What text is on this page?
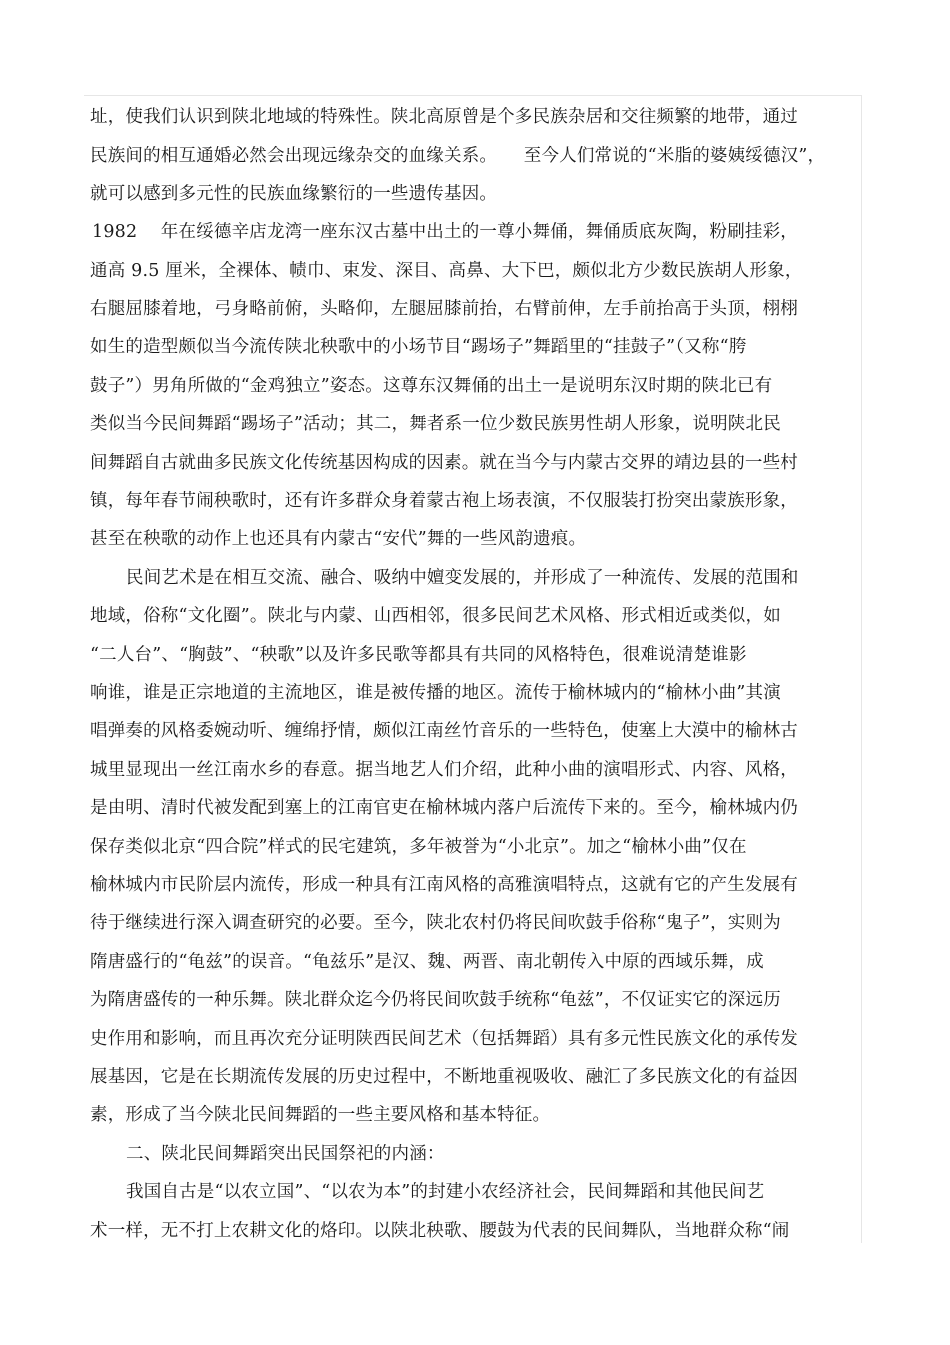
址，使我们认识到陕北地域的特殊性。陕北高原曾是个多民族杂居和交往频繁的地带，通过
民族间的相互通婚必然会出现远缘杂交的血缘关系。　　至今人们常说的“米脂的婆姨绥德汉”，
就可以感到多元性的民族血缘繁衍的一些遗传基因。
1982　 年在绥德辛店龙湾一座东汉古墓中出土的一尊小舞俑，舞俑质底灰陶，粉刷挂彩，
通高 9.5 厘米，全裸体、帻巾、束发、深目、高鼻、大下巴，颇似北方少数民族胡人形象，
右腿屈膝着地，弓身略前俯，头略仰，左腿屈膝前抬，右臂前伸，左手前抬高于头顶，栩栩
如生的造型颇似当今流传陕北秧歌中的小场节目“踢场子”舞蹈里的“挂鼓子”（又称“胯
鼓子”）男角所做的“金鸡独立”姿态。这尊东汉舞俑的出土一是说明东汉时期的陕北已有
类似当今民间舞蹈“踢场子”活动；其二，舞者系一位少数民族男性胡人形象，说明陕北民
间舞蹈自古就曲多民族文化传统基因构成的因素。就在当今与内蒙古交界的靖边县的一些村
镇，每年春节闹秧歌时，还有许多群众身着蒙古袍上场表演，不仅服装打扮突出蒙族形象，
甚至在秧歌的动作上也还具有内蒙古“安代”舞的一些风韵遗痕。
民间艺术是在相互交流、融合、吸纳中嬗变发展的，并形成了一种流传、发展的范围和
地域，俗称“文化圈”。陕北与内蒙、山西相邻，很多民间艺术风格、形式相近或类似，如
“二人台”、“胸鼓”、“秧歌”以及许多民歌等都具有共同的风格特色，很难说清楚谁影
响谁，谁是正宗地道的主流地区，谁是被传播的地区。流传于榆林城内的“榆林小曲”其演
唱弹奏的风格委婉动听、缠绵抒情，颇似江南丝竹音乐的一些特色，使塞上大漠中的榆林古
城里显现出一丝江南水乡的春意。据当地艺人们介绍，此种小曲的演唱形式、内容、风格，
是由明、清时代被发配到塞上的江南官吏在榆林城内落户后流传下来的。至今，榆林城内仍
保存类似北京“四合院”样式的民宅建筑，多年被誉为“小北京”。加之“榆林小曲”仅在
榆林城内市民阶层内流传，形成一种具有江南风格的高雅演唱特点，这就有它的产生发展有
待于继续进行深入调查研究的必要。至今，陕北农村仍将民间吹鼓手俗称“鬼子”，实则为
隋唐盛行的“龟兹”的误音。“龟兹乐”是汉、魏、两晋、南北朝传入中原的西域乐舞，成
为隋唐盛传的一种乐舞。陕北群众迄今仍将民间吹鼓手统称“龟兹”，不仅证实它的深远历
史作用和影响，而且再次充分证明陕西民间艺术（包括舞蹈）具有多元性民族文化的承传发
展基因，它是在长期流传发展的历史过程中，不断地重视吸收、融汇了多民族文化的有益因
素，形成了当今陕北民间舞蹈的一些主要风格和基本特征。
二、陕北民间舞蹈突出民国祭祀的内涵：
我国自古是“以农立国”、“以农为本”的封建小农经济社会，民间舞蹈和其他民间艺
术一样，无不打上农耕文化的烙印。以陕北秧歌、腰鼓为代表的民间舞队，当地群众称“闹
